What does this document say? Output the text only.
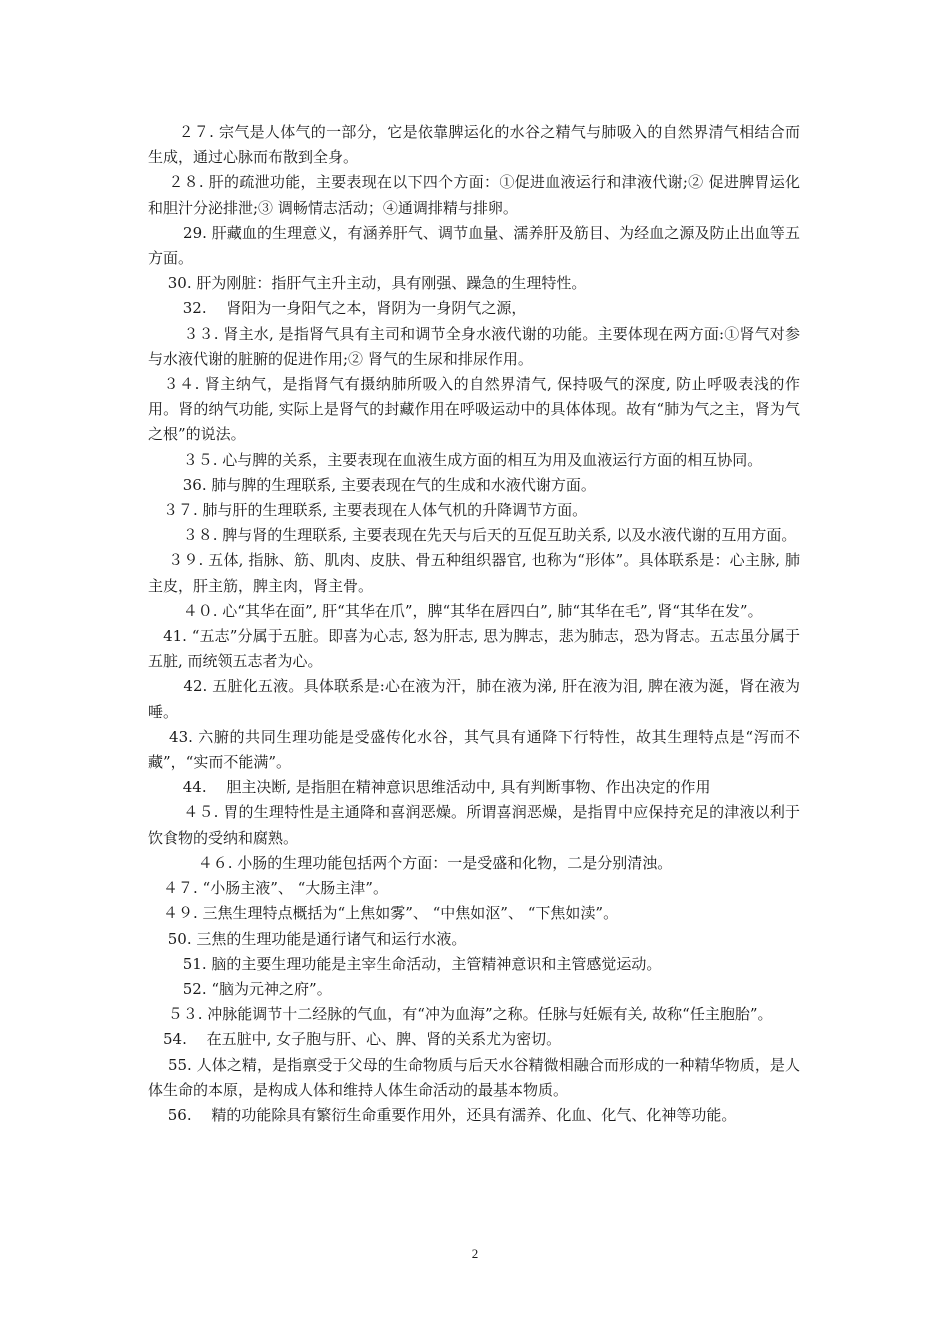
　　２７. 宗气是人体气的一部分，它是依靠脾运化的水谷之精气与肺吸入的自然界清气相结合而生成，通过心脉而布散到全身。

　 ２８. 肝的疏泄功能，主要表现在以下四个方面：①促进血液运行和津液代谢;② 促进脾胃运化和胆汁分泌排泄;③ 调畅情志活动；④通调排精与排卵。

　　 29. 肝藏血的生理意义，有涵养肝气、调节血量、濡养肝及筋目、为经血之源及防止出血等五方面。

　 30. 肝为刚脏：指肝气主升主动，具有刚强、躁急的生理特性。

　　 32. 　肾阳为一身阳气之本，肾阴为一身阴气之源，

　　 ３３. 肾主水, 是指肾气具有主司和调节全身水液代谢的功能。主要体现在两方面:①肾气对参与水液代谢的脏腑的促进作用;② 肾气的生尿和排尿作用。

　３４. 肾主纳气，是指肾气有摄纳肺所吸入的自然界清气, 保持吸气的深度, 防止呼吸表浅的作用。肾的纳气功能, 实际上是肾气的封藏作用在呼吸运动中的具体体现。故有“肺为气之主，肾为气之根”的说法。

　　 ３５. 心与脾的关系，主要表现在血液生成方面的相互为用及血液运行方面的相互协同。

　　 36. 肺与脾的生理联系, 主要表现在气的生成和水液代谢方面。

　３７. 肺与肝的生理联系, 主要表现在人体气机的升降调节方面。

　　 ３８. 脾与肾的生理联系, 主要表现在先天与后天的互促互助关系, 以及水液代谢的互用方面。

　 ３９. 五体, 指脉、筋、肌肉、皮肤、骨五种组织器官, 也称为“形体”。具体联系是：心主脉, 肺主皮，肝主筋，脾主肉，肾主骨。

　　 ４０. 心“其华在面”, 肝“其华在爪”，脾“其华在唇四白”, 肺“其华在毛”, 肾“其华在发”。

　41. “五志”分属于五脏。即喜为心志, 怒为肝志, 思为脾志，悲为肺志，恐为肾志。五志虽分属于五脏, 而统领五志者为心。

　　 42. 五脏化五液。具体联系是:心在液为汗，肺在液为涕, 肝在液为泪, 脾在液为涎，肾在液为唾。

　 43. 六腑的共同生理功能是受盛传化水谷，其气具有通降下行特性，故其生理特点是“泻而不藏”，“实而不能满”。

　　 44. 　胆主决断, 是指胆在精神意识思维活动中, 具有判断事物、作出决定的作用

　　 ４５. 胃的生理特性是主通降和喜润恶燥。所谓喜润恶燥，是指胃中应保持充足的津液以利于饮食物的受纳和腐熟。

　　　 ４６. 小肠的生理功能包括两个方面：一是受盛和化物，二是分别清浊。

　４７. “小肠主液”、 “大肠主津”。

　４９. 三焦生理特点概括为“上焦如雾”、 “中焦如沤”、 “下焦如渎”。

　 50. 三焦的生理功能是通行诸气和运行水液。

　　 51. 脑的主要生理功能是主宰生命活动，主管精神意识和主管感觉运动。

　　 52. “脑为元神之府”。

　 ５３. 冲脉能调节十二经脉的气血，有“冲为血海”之称。任脉与妊娠有关, 故称“任主胞胎”。

　54. 　在五脏中, 女子胞与肝、心、脾、肾的关系尤为密切。

　 55. 人体之精，是指禀受于父母的生命物质与后天水谷精微相融合而形成的一种精华物质，是人体生命的本原，是构成人体和维持人体生命活动的最基本物质。

　 56. 　精的功能除具有繁衍生命重要作用外，还具有濡养、化血、化气、化神等功能。

2
